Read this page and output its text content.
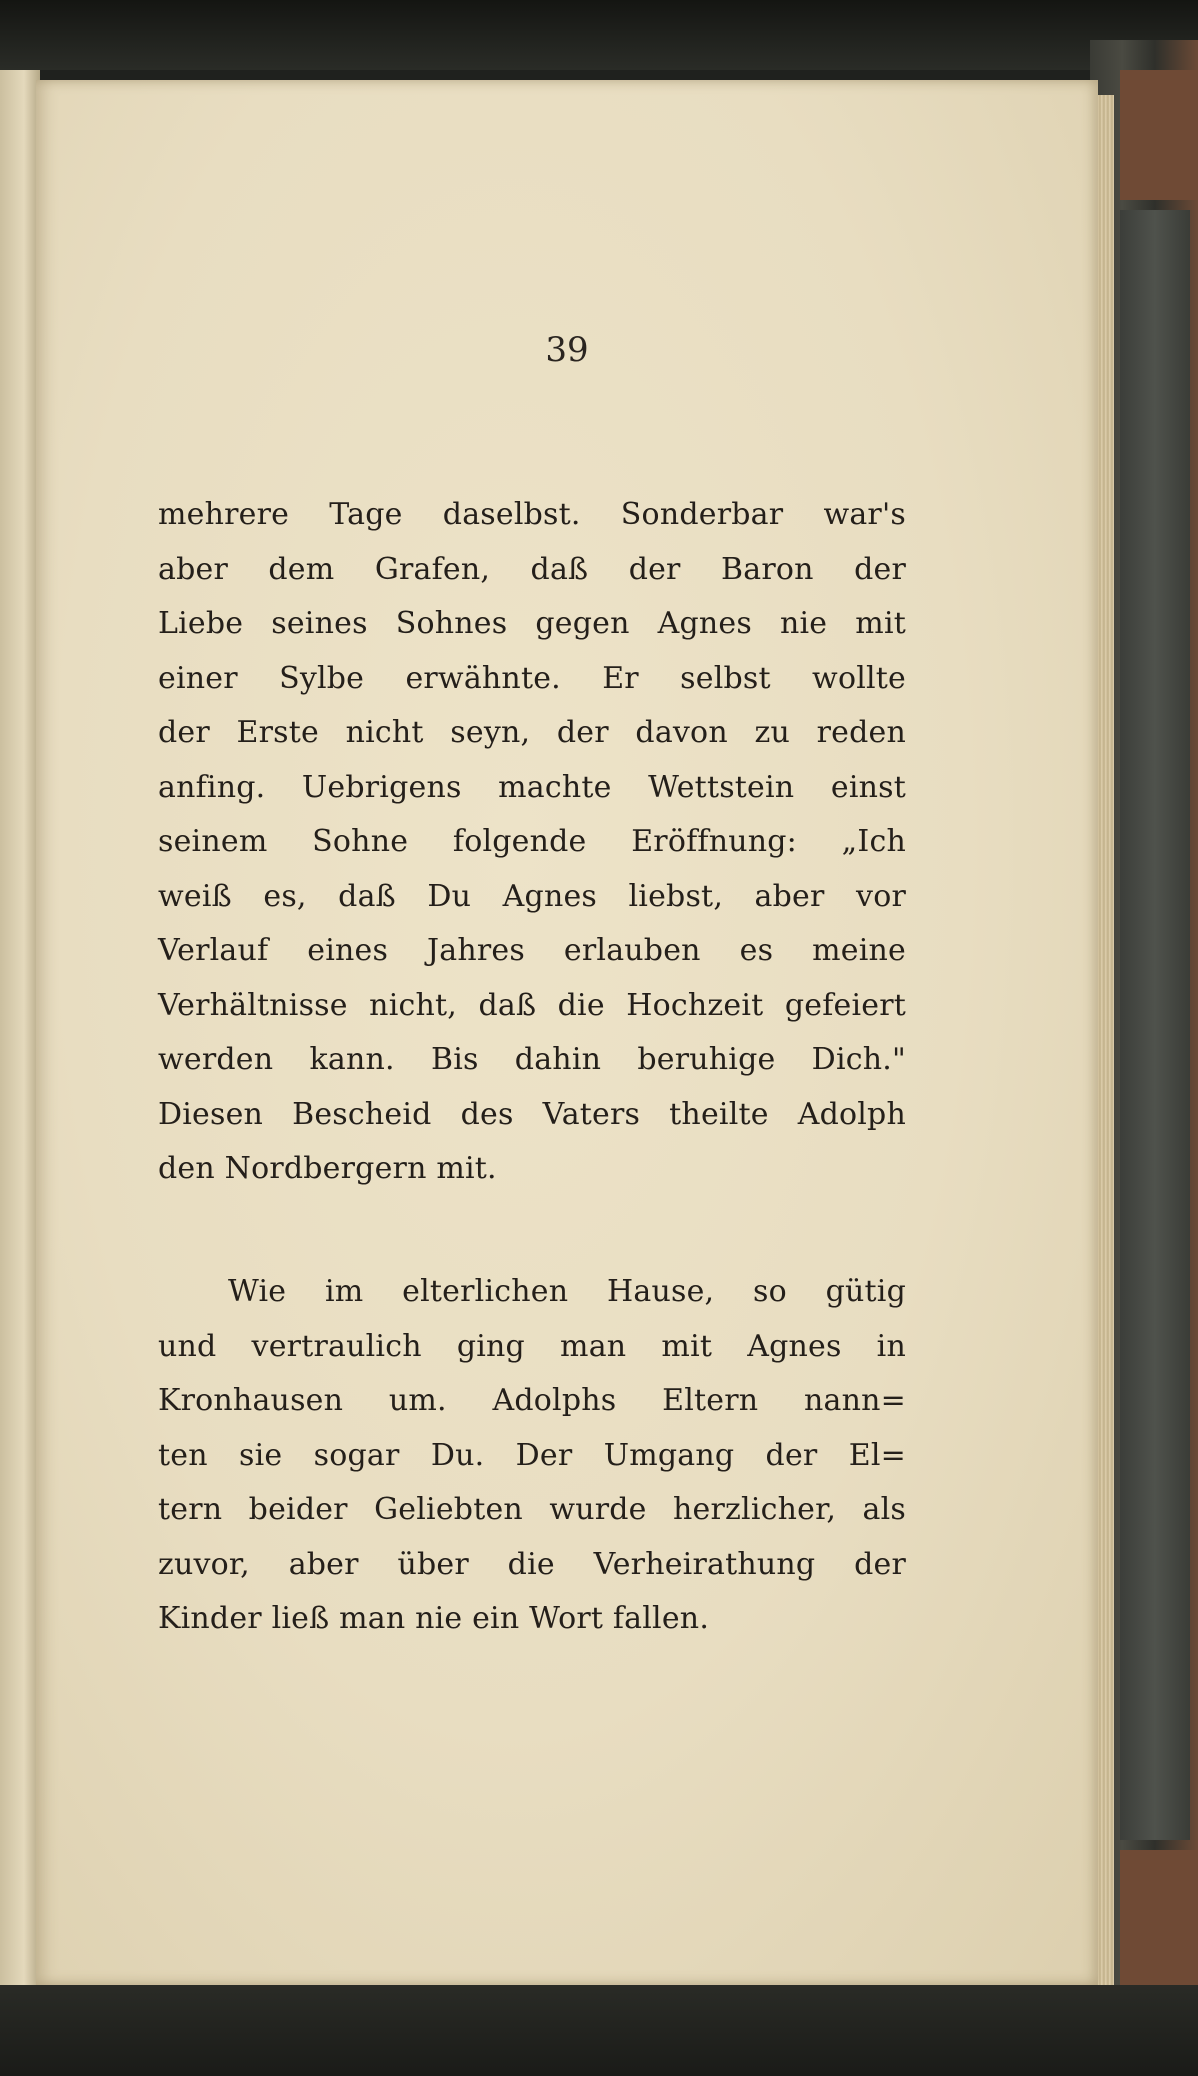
39
mehrere Tage daselbst. Sonderbar war's
aber dem Grafen, daß der Baron der
Liebe seines Sohnes gegen Agnes nie mit
einer Sylbe erwähnte. Er selbst wollte
der Erste nicht seyn, der davon zu reden
anfing. Uebrigens machte Wettstein einst
seinem Sohne folgende Eröffnung: „Ich
weiß es, daß Du Agnes liebst, aber vor
Verlauf eines Jahres erlauben es meine
Verhältnisse nicht, daß die Hochzeit gefeiert
werden kann. Bis dahin beruhige Dich."
Diesen Bescheid des Vaters theilte Adolph
den Nordbergern mit.
Wie im elterlichen Hause, so gütig
und vertraulich ging man mit Agnes in
Kronhausen um. Adolphs Eltern nann=
ten sie sogar Du. Der Umgang der El=
tern beider Geliebten wurde herzlicher, als
zuvor, aber über die Verheirathung der
Kinder ließ man nie ein Wort fallen.
